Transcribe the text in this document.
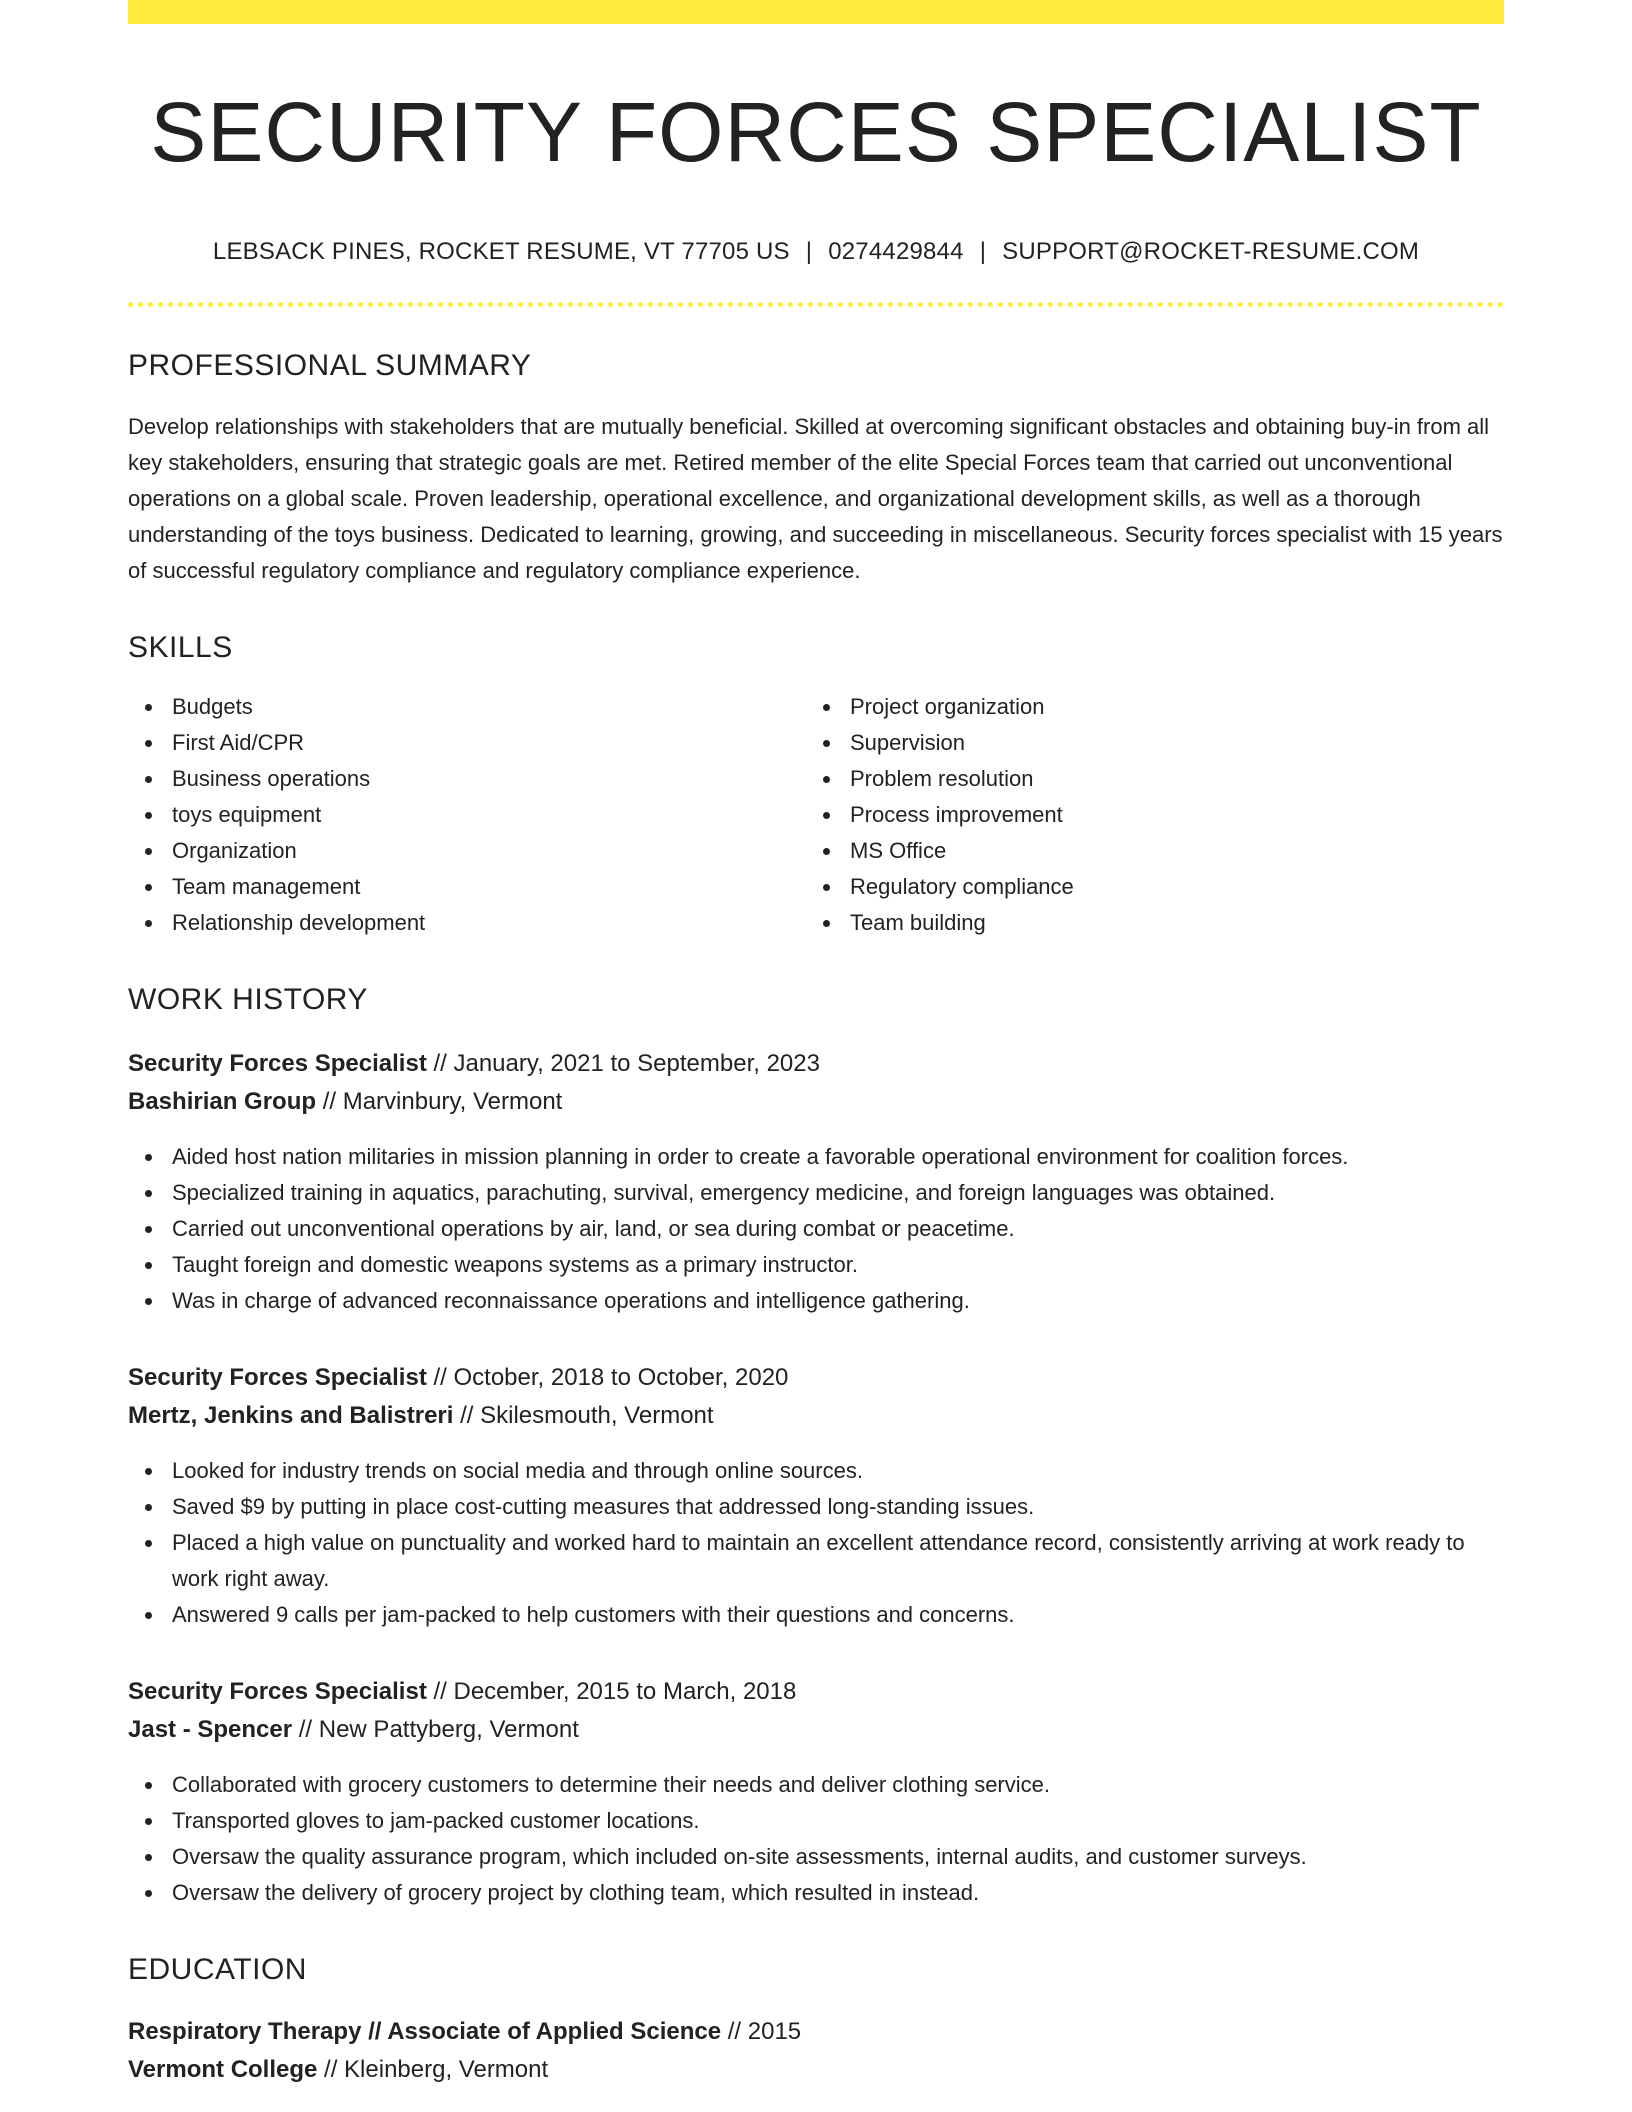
SECURITY FORCES SPECIALIST
LEBSACK PINES, ROCKET RESUME, VT 77705 US | 0274429844 | SUPPORT@ROCKET-RESUME.COM
PROFESSIONAL SUMMARY
Develop relationships with stakeholders that are mutually beneficial. Skilled at overcoming significant obstacles and obtaining buy-in from all key stakeholders, ensuring that strategic goals are met. Retired member of the elite Special Forces team that carried out unconventional operations on a global scale. Proven leadership, operational excellence, and organizational development skills, as well as a thorough understanding of the toys business. Dedicated to learning, growing, and succeeding in miscellaneous. Security forces specialist with 15 years of successful regulatory compliance and regulatory compliance experience.
SKILLS
Budgets
First Aid/CPR
Business operations
toys equipment
Organization
Team management
Relationship development
Project organization
Supervision
Problem resolution
Process improvement
MS Office
Regulatory compliance
Team building
WORK HISTORY
Security Forces Specialist // January, 2021 to September, 2023
Bashirian Group // Marvinbury, Vermont
Aided host nation militaries in mission planning in order to create a favorable operational environment for coalition forces.
Specialized training in aquatics, parachuting, survival, emergency medicine, and foreign languages was obtained.
Carried out unconventional operations by air, land, or sea during combat or peacetime.
Taught foreign and domestic weapons systems as a primary instructor.
Was in charge of advanced reconnaissance operations and intelligence gathering.
Security Forces Specialist // October, 2018 to October, 2020
Mertz, Jenkins and Balistreri // Skilesmouth, Vermont
Looked for industry trends on social media and through online sources.
Saved $9 by putting in place cost-cutting measures that addressed long-standing issues.
Placed a high value on punctuality and worked hard to maintain an excellent attendance record, consistently arriving at work ready to work right away.
Answered 9 calls per jam-packed to help customers with their questions and concerns.
Security Forces Specialist // December, 2015 to March, 2018
Jast - Spencer // New Pattyberg, Vermont
Collaborated with grocery customers to determine their needs and deliver clothing service.
Transported gloves to jam-packed customer locations.
Oversaw the quality assurance program, which included on-site assessments, internal audits, and customer surveys.
Oversaw the delivery of grocery project by clothing team, which resulted in instead.
EDUCATION
Respiratory Therapy // Associate of Applied Science // 2015
Vermont College // Kleinberg, Vermont
